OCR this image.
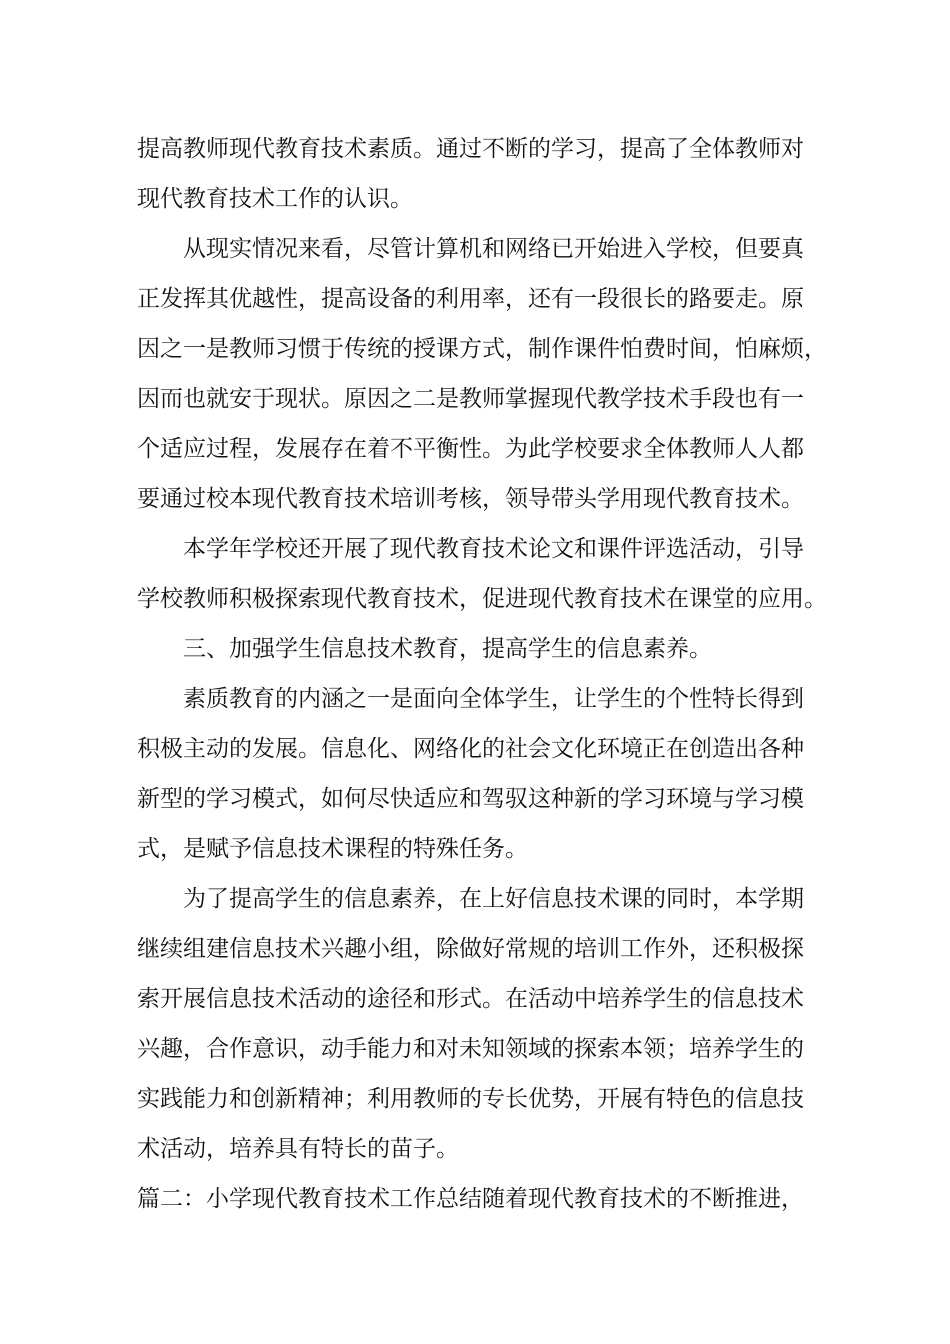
提高教师现代教育技术素质。通过不断的学习，提高了全体教师对
现代教育技术工作的认识。
从现实情况来看，尽管计算机和网络已开始进入学校，但要真
正发挥其优越性，提高设备的利用率，还有一段很长的路要走。原
因之一是教师习惯于传统的授课方式，制作课件怕费时间，怕麻烦，
因而也就安于现状。原因之二是教师掌握现代教学技术手段也有一
个适应过程，发展存在着不平衡性。为此学校要求全体教师人人都
要通过校本现代教育技术培训考核，领导带头学用现代教育技术。
本学年学校还开展了现代教育技术论文和课件评选活动，引导
学校教师积极探索现代教育技术，促进现代教育技术在课堂的应用。
三、加强学生信息技术教育，提高学生的信息素养。
素质教育的内涵之一是面向全体学生，让学生的个性特长得到
积极主动的发展。信息化、网络化的社会文化环境正在创造出各种
新型的学习模式，如何尽快适应和驾驭这种新的学习环境与学习模
式，是赋予信息技术课程的特殊任务。
为了提高学生的信息素养，在上好信息技术课的同时，本学期
继续组建信息技术兴趣小组，除做好常规的培训工作外，还积极探
索开展信息技术活动的途径和形式。在活动中培养学生的信息技术
兴趣，合作意识，动手能力和对未知领域的探索本领；培养学生的
实践能力和创新精神；利用教师的专长优势，开展有特色的信息技
术活动，培养具有特长的苗子。
篇二：小学现代教育技术工作总结随着现代教育技术的不断推进，
